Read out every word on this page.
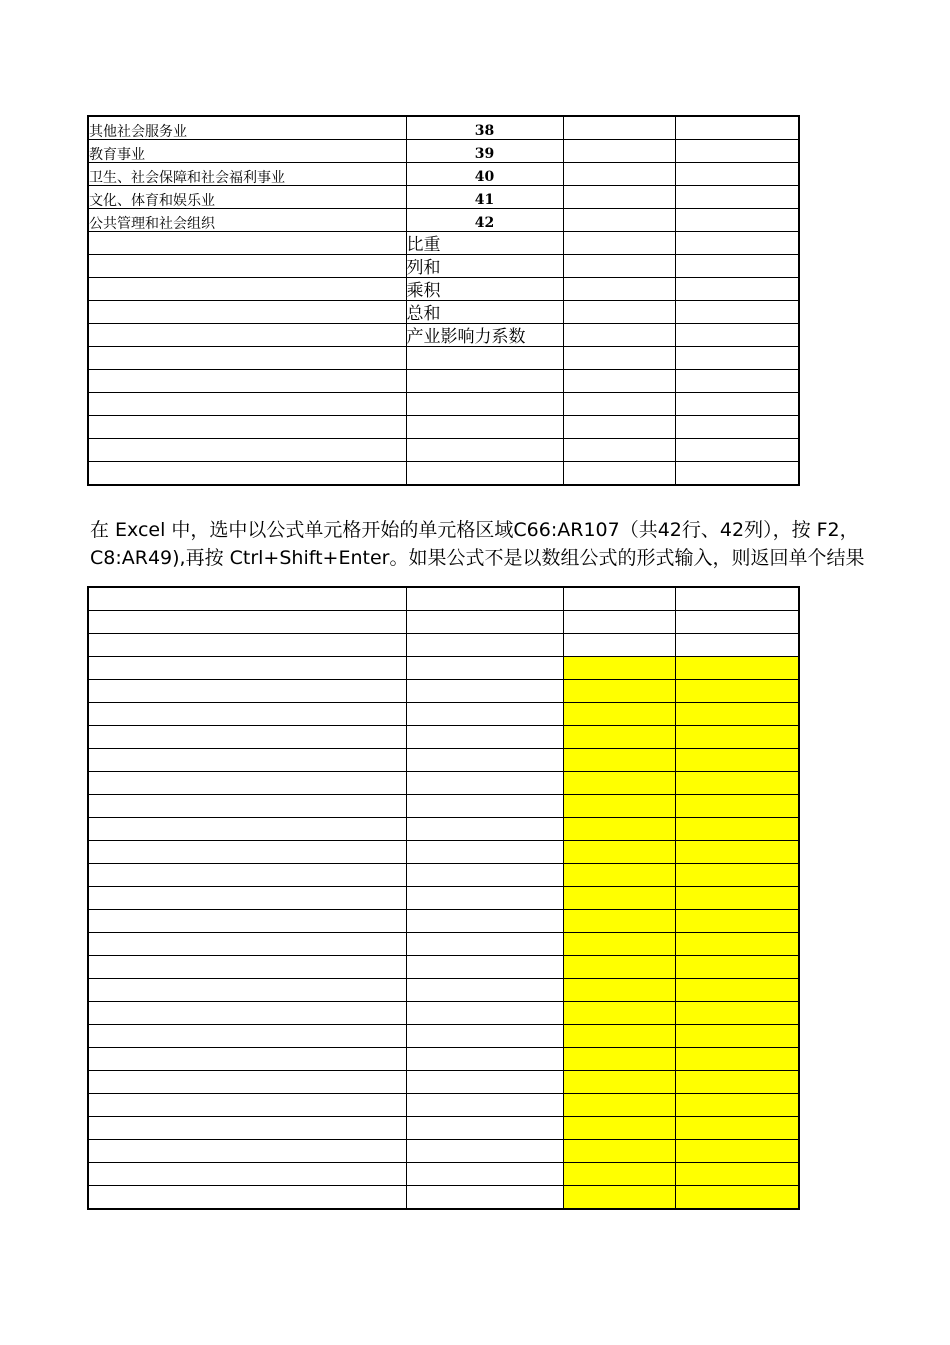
其他社会服务业	38		
教育事业	39		
卫生、社会保障和社会福利事业	40		
文化、体育和娱乐业	41		
公共管理和社会组织	42		
	比重		
	列和		
	乘积		
	总和		
	产业影响力系数		

在 Excel 中，选中以公式单元格开始的单元格区域C66:AR107（共42行、42列），按 F2，
C8:AR49),再按 Ctrl+Shift+Enter。如果公式不是以数组公式的形式输入，则返回单个结果
